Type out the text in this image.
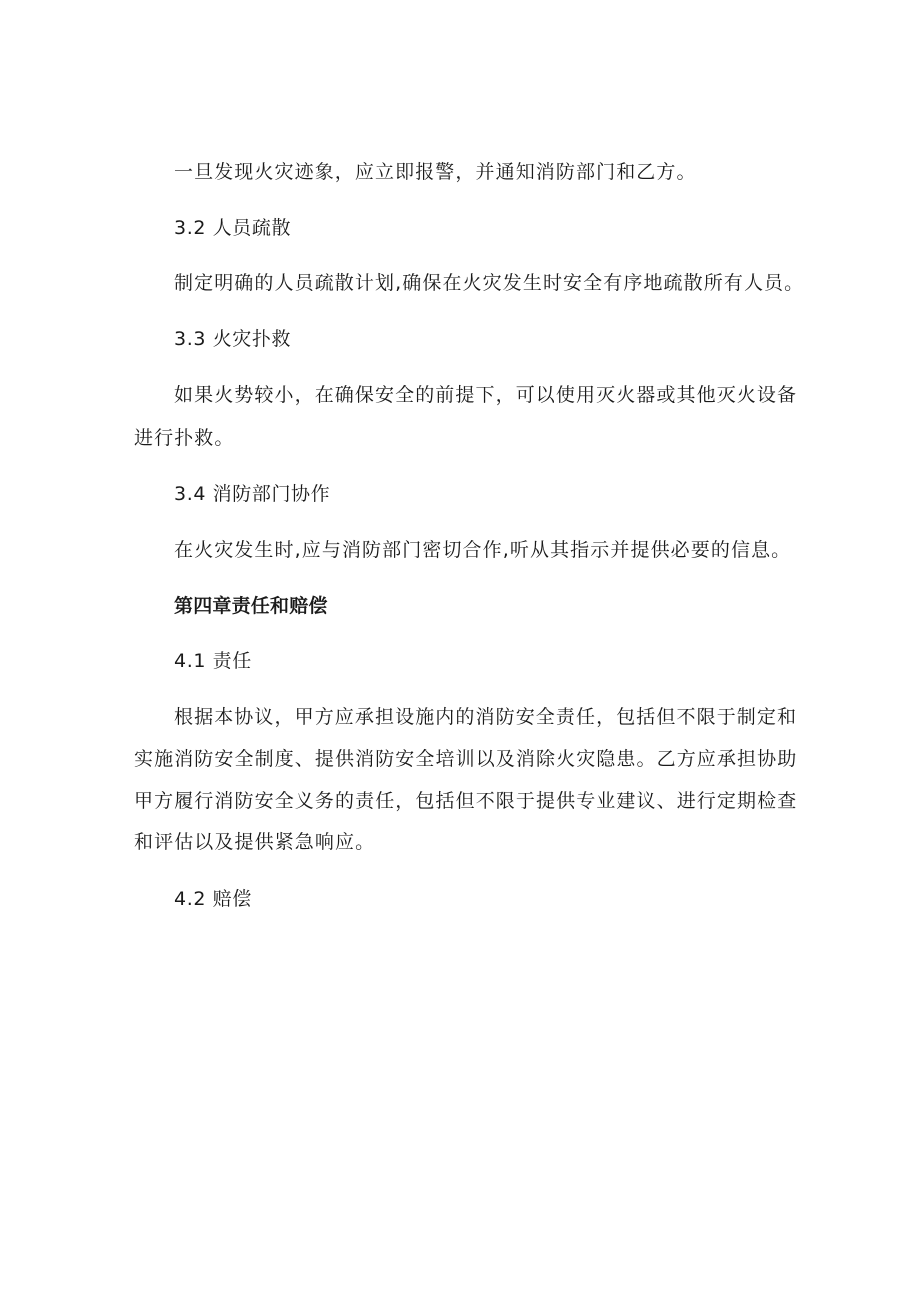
一旦发现火灾迹象，应立即报警，并通知消防部门和乙方。
3.2 人员疏散
制定明确的人员疏散计划,确保在火灾发生时安全有序地疏散所有人员。
3.3 火灾扑救
如果火势较小，在确保安全的前提下，可以使用灭火器或其他灭火设备
进行扑救。
3.4 消防部门协作
在火灾发生时,应与消防部门密切合作,听从其指示并提供必要的信息。
第四章责任和赔偿
4.1 责任
根据本协议，甲方应承担设施内的消防安全责任，包括但不限于制定和
实施消防安全制度、提供消防安全培训以及消除火灾隐患。乙方应承担协助
甲方履行消防安全义务的责任，包括但不限于提供专业建议、进行定期检查
和评估以及提供紧急响应。
4.2 赔偿
